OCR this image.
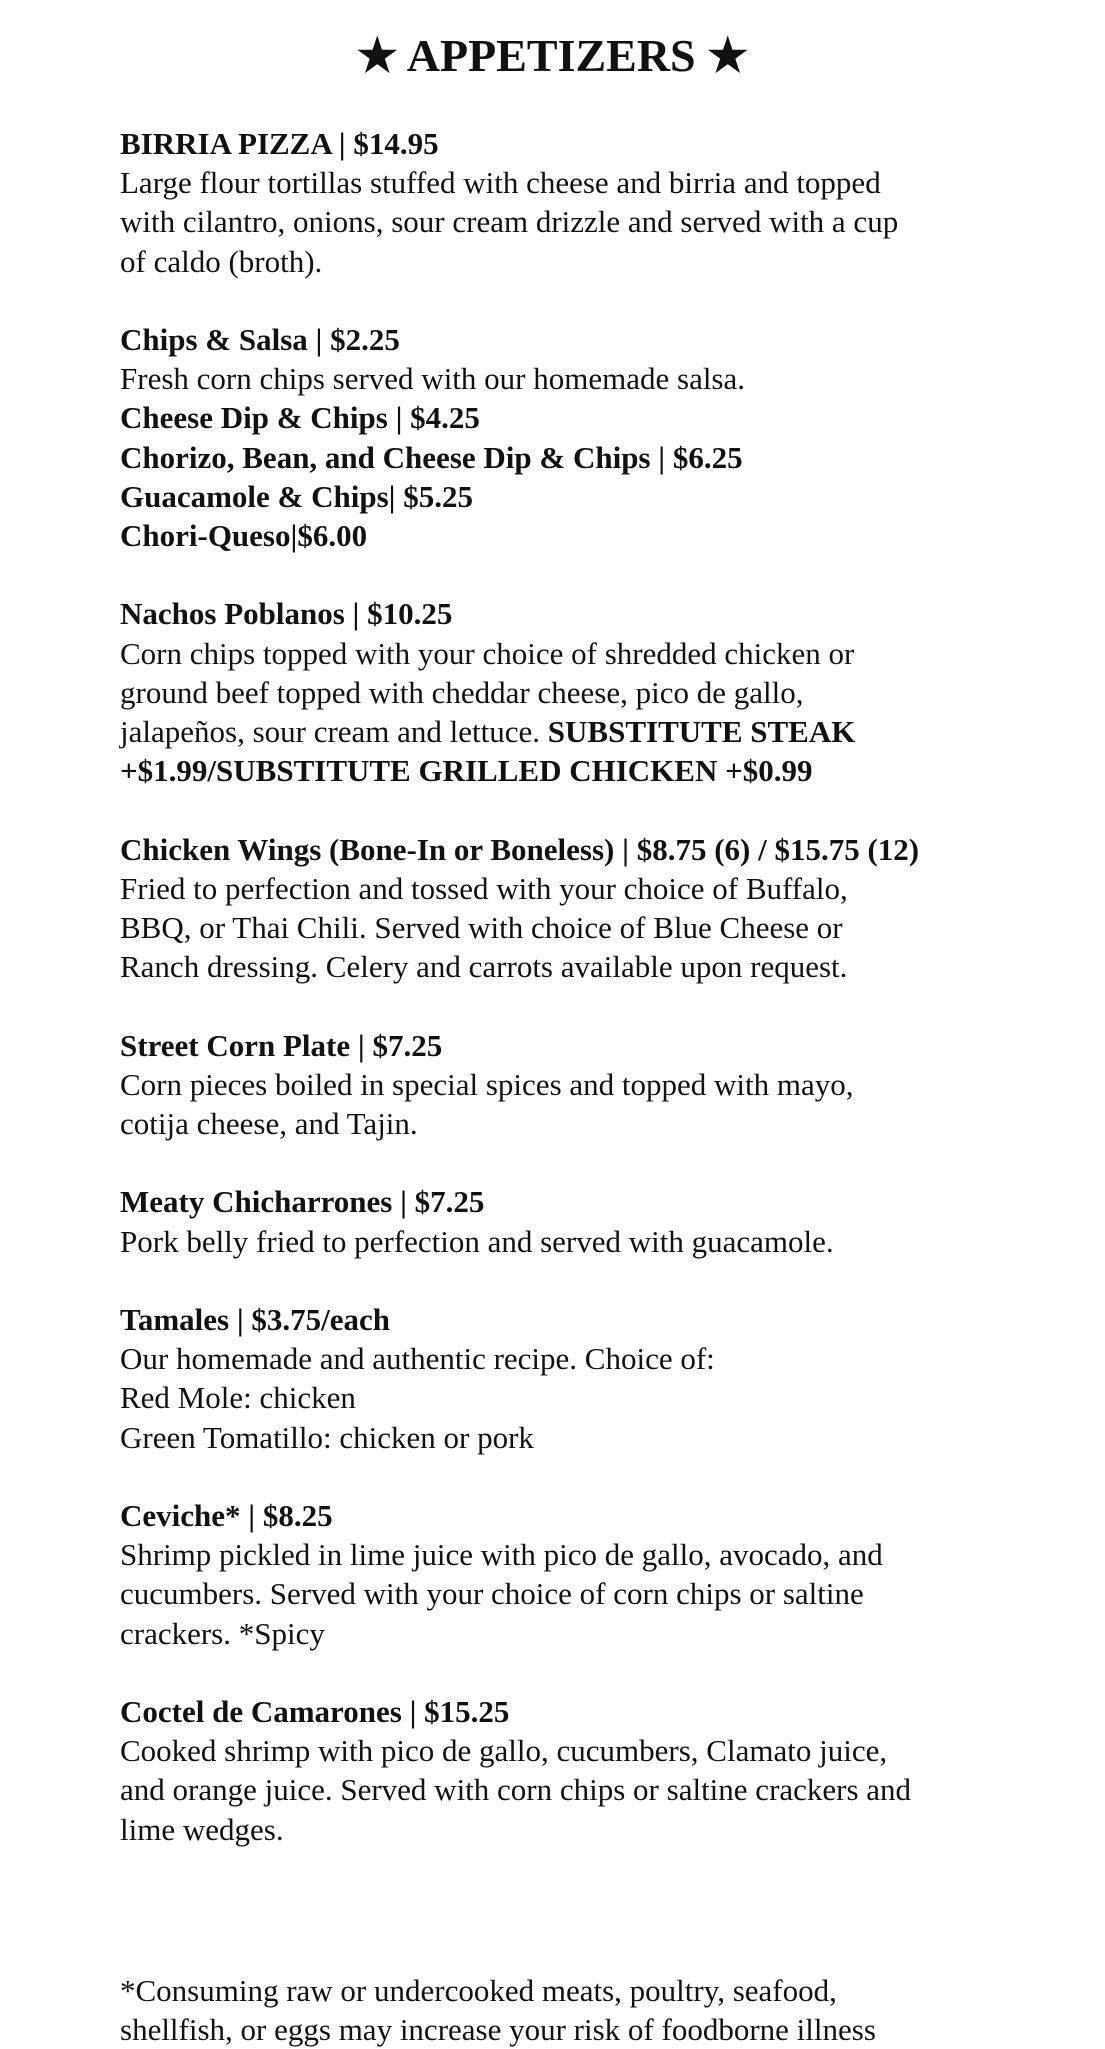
★ APPETIZERS ★
BIRRIA PIZZA | $14.95
Large flour tortillas stuffed with cheese and birria and topped
with cilantro, onions, sour cream drizzle and served with a cup
of caldo (broth).
Chips & Salsa | $2.25
Fresh corn chips served with our homemade salsa.
Cheese Dip & Chips | $4.25
Chorizo, Bean, and Cheese Dip & Chips | $6.25
Guacamole & Chips| $5.25
Chori-Queso|$6.00
Nachos Poblanos | $10.25
Corn chips topped with your choice of shredded chicken or
ground beef topped with cheddar cheese, pico de gallo,
jalapeños, sour cream and lettuce. SUBSTITUTE STEAK
+$1.99/SUBSTITUTE GRILLED CHICKEN +$0.99
Chicken Wings (Bone-In or Boneless) | $8.75 (6) / $15.75 (12)
Fried to perfection and tossed with your choice of Buffalo,
BBQ, or Thai Chili. Served with choice of Blue Cheese or
Ranch dressing. Celery and carrots available upon request.
Street Corn Plate | $7.25
Corn pieces boiled in special spices and topped with mayo,
cotija cheese, and Tajin.
Meaty Chicharrones | $7.25
Pork belly fried to perfection and served with guacamole.
Tamales | $3.75/each
Our homemade and authentic recipe. Choice of:
Red Mole: chicken
Green Tomatillo: chicken or pork
Ceviche* | $8.25
Shrimp pickled in lime juice with pico de gallo, avocado, and
cucumbers. Served with your choice of corn chips or saltine
crackers. *Spicy
Coctel de Camarones | $15.25
Cooked shrimp with pico de gallo, cucumbers, Clamato juice,
and orange juice. Served with corn chips or saltine crackers and
lime wedges.
*Consuming raw or undercooked meats, poultry, seafood,
shellfish, or eggs may increase your risk of foodborne illness
